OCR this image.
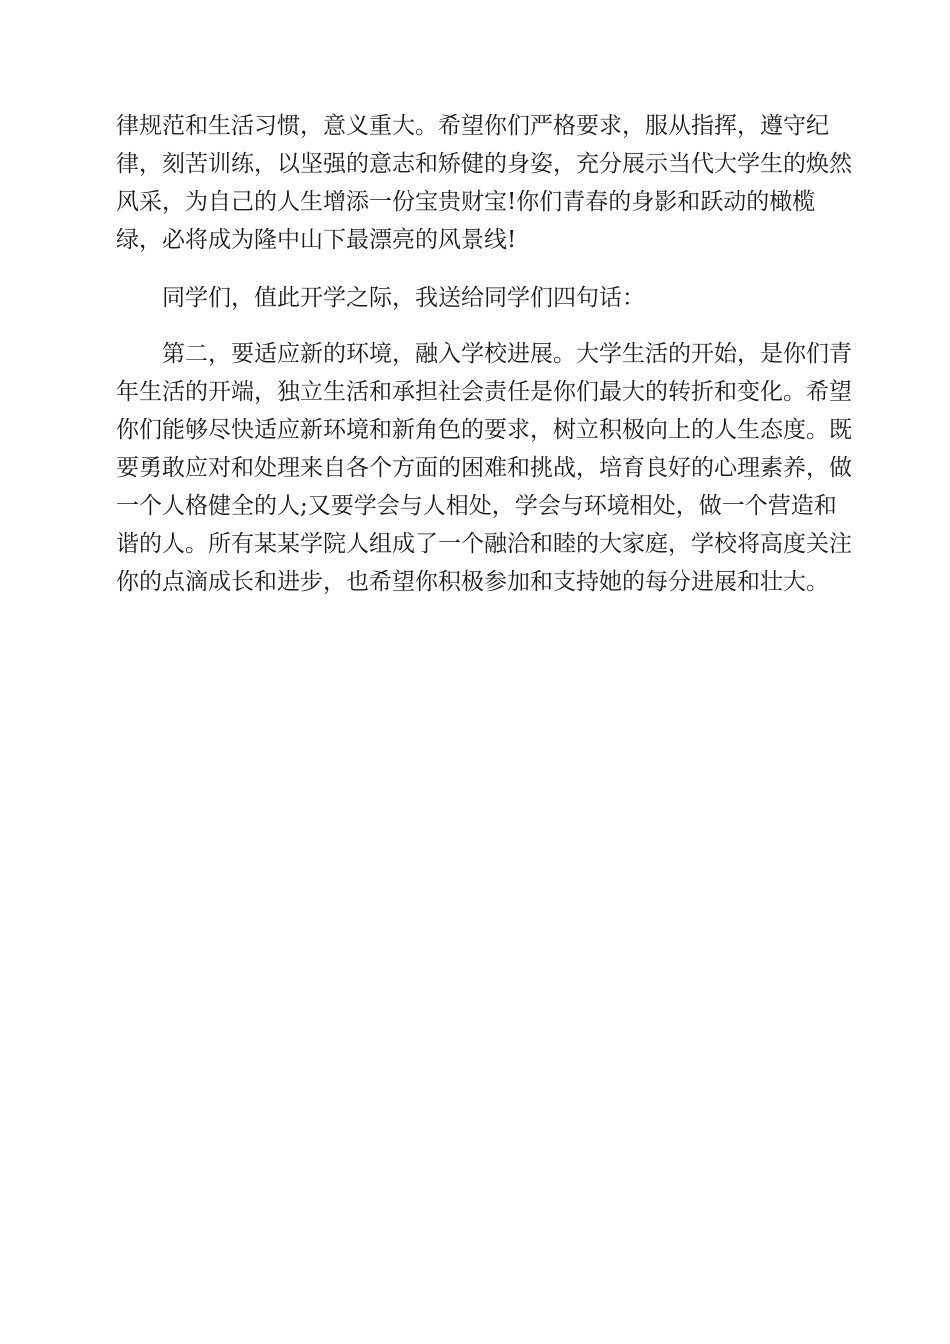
律规范和生活习惯，意义重大。希望你们严格要求，服从指挥，遵守纪
律，刻苦训练，以坚强的意志和矫健的身姿，充分展示当代大学生的焕然
风采，为自己的人生增添一份宝贵财宝!你们青春的身影和跃动的橄榄
绿，必将成为隆中山下最漂亮的风景线!
同学们，值此开学之际，我送给同学们四句话：
第二，要适应新的环境，融入学校进展。大学生活的开始，是你们青
年生活的开端，独立生活和承担社会责任是你们最大的转折和变化。希望
你们能够尽快适应新环境和新角色的要求，树立积极向上的人生态度。既
要勇敢应对和处理来自各个方面的困难和挑战，培育良好的心理素养，做
一个人格健全的人;又要学会与人相处，学会与环境相处，做一个营造和
谐的人。所有某某学院人组成了一个融洽和睦的大家庭，学校将高度关注
你的点滴成长和进步，也希望你积极参加和支持她的每分进展和壮大。
